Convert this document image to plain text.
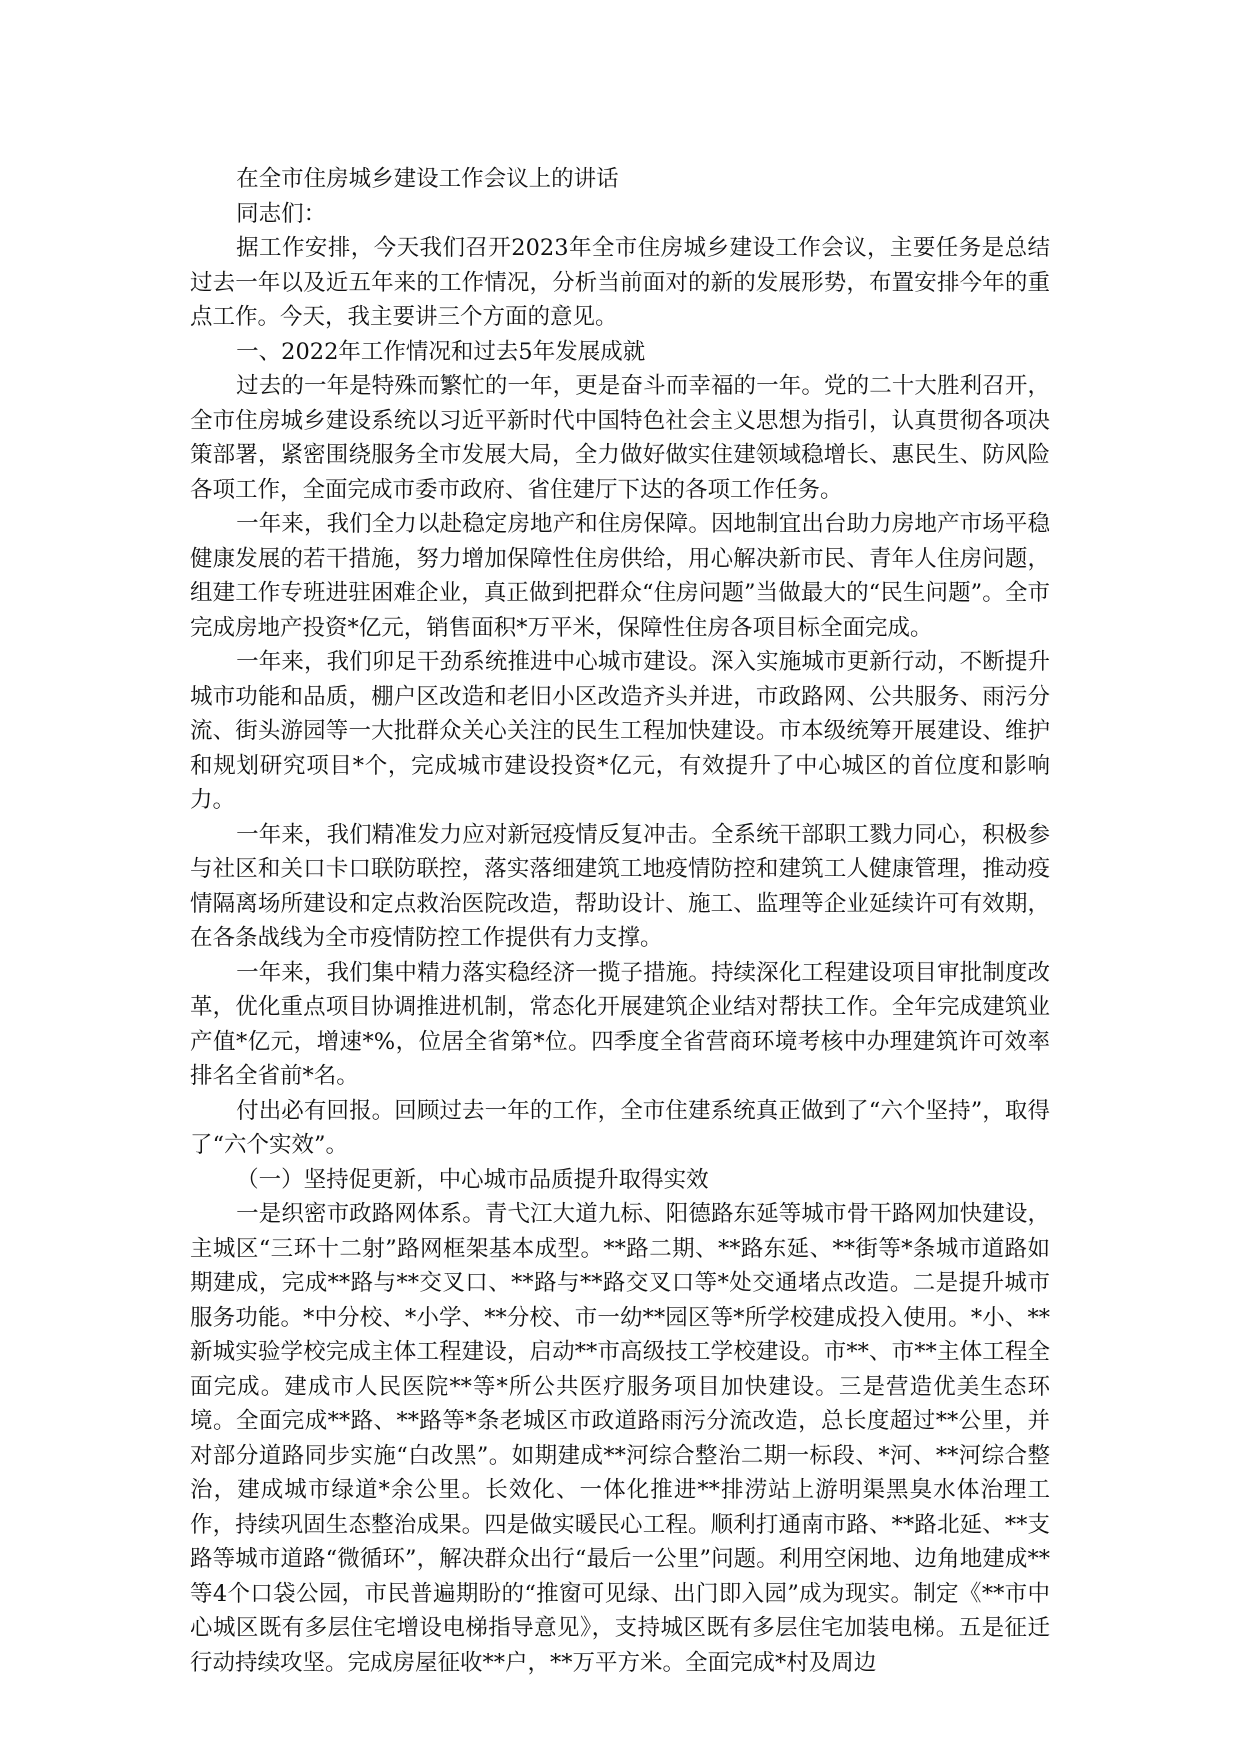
在全市住房城乡建设工作会议上的讲话

同志们：

据工作安排，今天我们召开2023年全市住房城乡建设工作会议，主要任务是总结过去一年以及近五年来的工作情况，分析当前面对的新的发展形势，布置安排今年的重点工作。今天，我主要讲三个方面的意见。

一、2022年工作情况和过去5年发展成就

过去的一年是特殊而繁忙的一年，更是奋斗而幸福的一年。党的二十大胜利召开，全市住房城乡建设系统以习近平新时代中国特色社会主义思想为指引，认真贯彻各项决策部署，紧密围绕服务全市发展大局，全力做好做实住建领域稳增长、惠民生、防风险各项工作，全面完成市委市政府、省住建厅下达的各项工作任务。

一年来，我们全力以赴稳定房地产和住房保障。因地制宜出台助力房地产市场平稳健康发展的若干措施，努力增加保障性住房供给，用心解决新市民、青年人住房问题，组建工作专班进驻困难企业，真正做到把群众“住房问题”当做最大的“民生问题”。全市完成房地产投资*亿元，销售面积*万平米，保障性住房各项目标全面完成。

一年来，我们卯足干劲系统推进中心城市建设。深入实施城市更新行动，不断提升城市功能和品质，棚户区改造和老旧小区改造齐头并进，市政路网、公共服务、雨污分流、街头游园等一大批群众关心关注的民生工程加快建设。市本级统筹开展建设、维护和规划研究项目*个，完成城市建设投资*亿元，有效提升了中心城区的首位度和影响力。

一年来，我们精准发力应对新冠疫情反复冲击。全系统干部职工戮力同心，积极参与社区和关口卡口联防联控，落实落细建筑工地疫情防控和建筑工人健康管理，推动疫情隔离场所建设和定点救治医院改造，帮助设计、施工、监理等企业延续许可有效期，在各条战线为全市疫情防控工作提供有力支撑。

一年来，我们集中精力落实稳经济一揽子措施。持续深化工程建设项目审批制度改革，优化重点项目协调推进机制，常态化开展建筑企业结对帮扶工作。全年完成建筑业产值*亿元，增速*%，位居全省第*位。四季度全省营商环境考核中办理建筑许可效率排名全省前*名。

付出必有回报。回顾过去一年的工作，全市住建系统真正做到了“六个坚持”，取得了“六个实效”。

（一）坚持促更新，中心城市品质提升取得实效

一是织密市政路网体系。青弋江大道九标、阳德路东延等城市骨干路网加快建设，主城区“三环十二射”路网框架基本成型。**路二期、**路东延、**街等*条城市道路如期建成，完成**路与**交叉口、**路与**路交叉口等*处交通堵点改造。二是提升城市服务功能。*中分校、*小学、**分校、市一幼**园区等*所学校建成投入使用。*小、**新城实验学校完成主体工程建设，启动**市高级技工学校建设。市**、市**主体工程全面完成。建成市人民医院**等*所公共医疗服务项目加快建设。三是营造优美生态环境。全面完成**路、**路等*条老城区市政道路雨污分流改造，总长度超过**公里，并对部分道路同步实施“白改黑”。如期建成**河综合整治二期一标段、*河、**河综合整治，建成城市绿道*余公里。长效化、一体化推进**排涝站上游明渠黑臭水体治理工作，持续巩固生态整治成果。四是做实暖民心工程。顺利打通南市路、**路北延、**支路等城市道路“微循环”，解决群众出行“最后一公里”问题。利用空闲地、边角地建成**等4个口袋公园，市民普遍期盼的“推窗可见绿、出门即入园”成为现实。制定《**市中心城区既有多层住宅增设电梯指导意见》，支持城区既有多层住宅加装电梯。五是征迁行动持续攻坚。完成房屋征收**户，**万平方米。全面完成*村及周边
